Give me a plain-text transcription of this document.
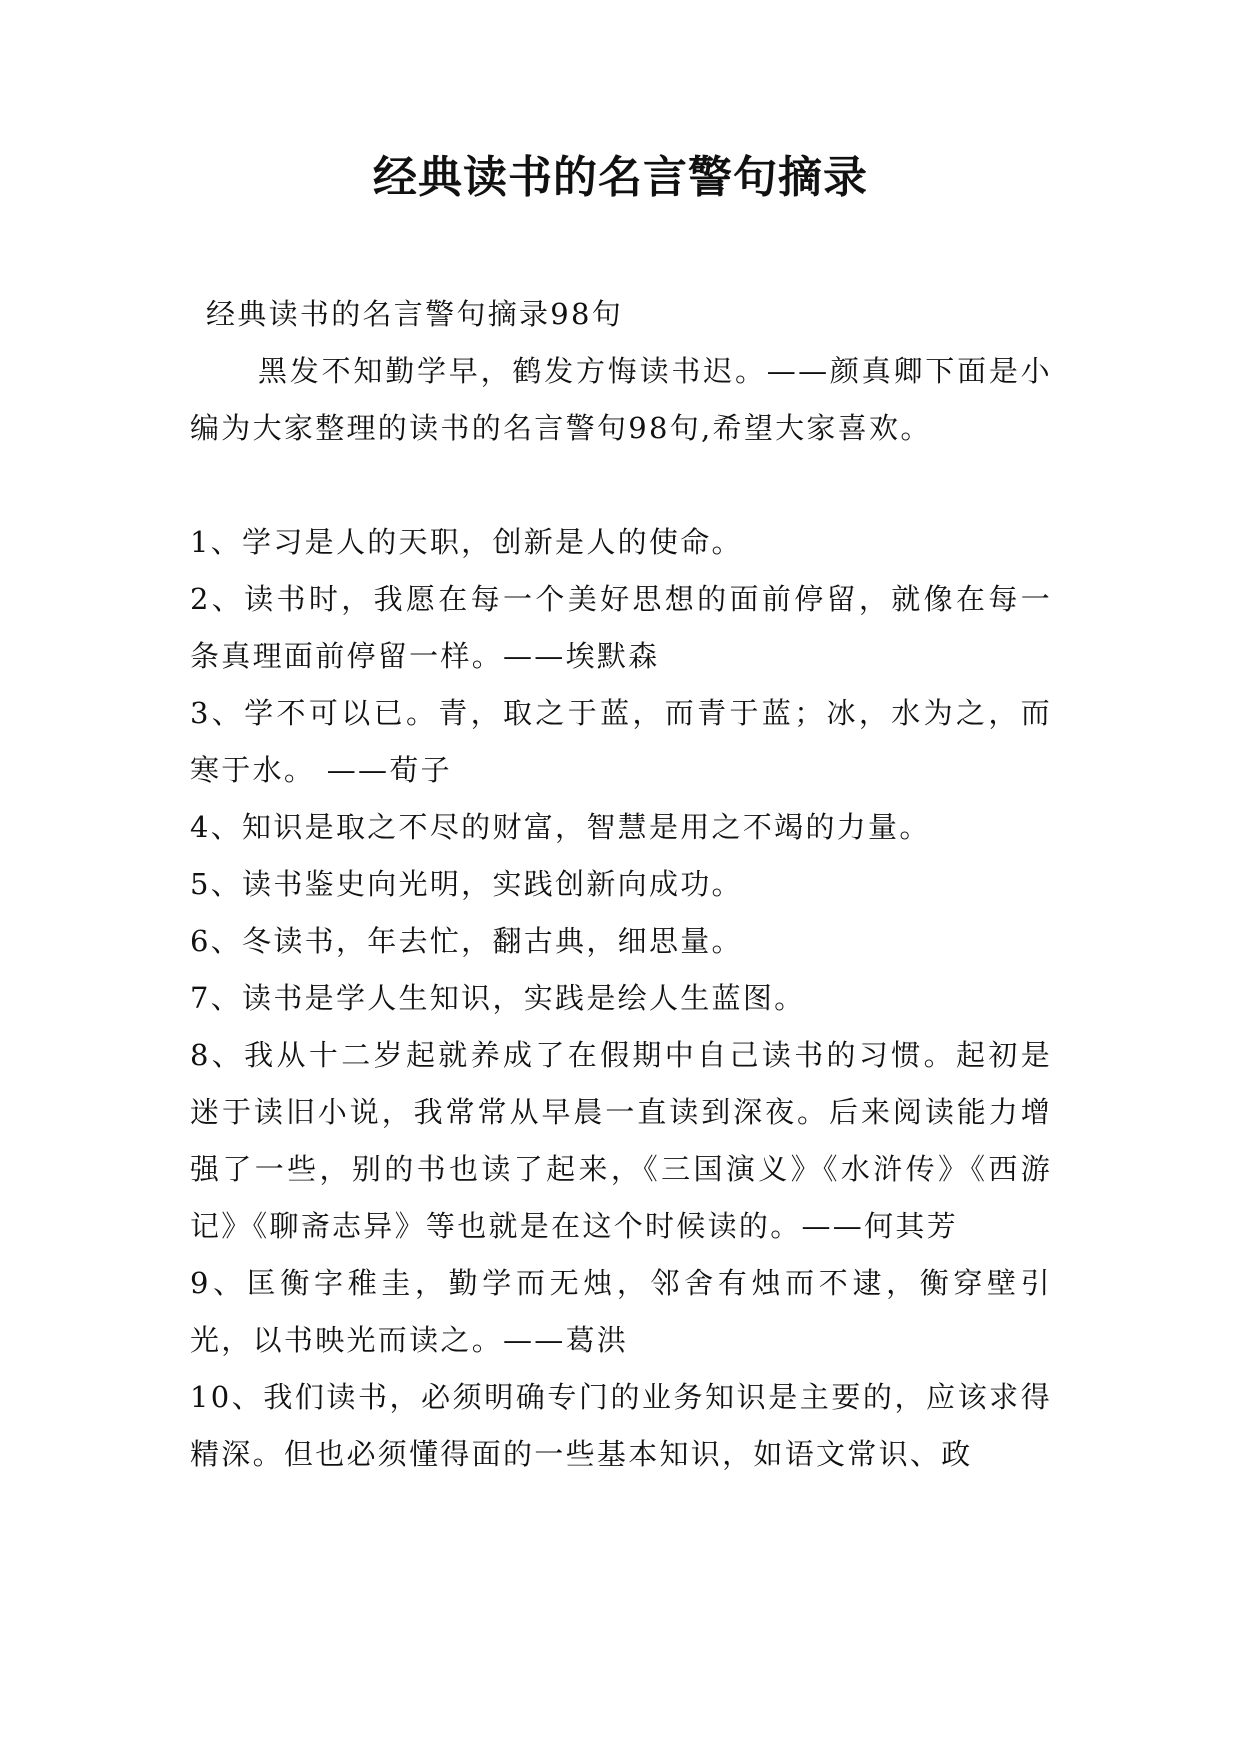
经典读书的名言警句摘录

经典读书的名言警句摘录98句

黑发不知勤学早，鹤发方悔读书迟。——颜真卿下面是小编为大家整理的读书的名言警句98句,希望大家喜欢。

1、学习是人的天职，创新是人的使命。

2、读书时，我愿在每一个美好思想的面前停留，就像在每一条真理面前停留一样。——埃默森

3、学不可以已。青，取之于蓝，而青于蓝；冰，水为之，而寒于水。 ——荀子

4、知识是取之不尽的财富，智慧是用之不竭的力量。

5、读书鉴史向光明，实践创新向成功。

6、冬读书，年去忙，翻古典，细思量。

7、读书是学人生知识，实践是绘人生蓝图。

8、我从十二岁起就养成了在假期中自己读书的习惯。起初是迷于读旧小说，我常常从早晨一直读到深夜。后来阅读能力增强了一些，别的书也读了起来，《三国演义》《水浒传》《西游记》《聊斋志异》等也就是在这个时候读的。——何其芳

9、匡衡字稚圭，勤学而无烛，邻舍有烛而不逮，衡穿壁引光，以书映光而读之。——葛洪

10、我们读书，必须明确专门的业务知识是主要的，应该求得精深。但也必须懂得面的一些基本知识，如语文常识、政
